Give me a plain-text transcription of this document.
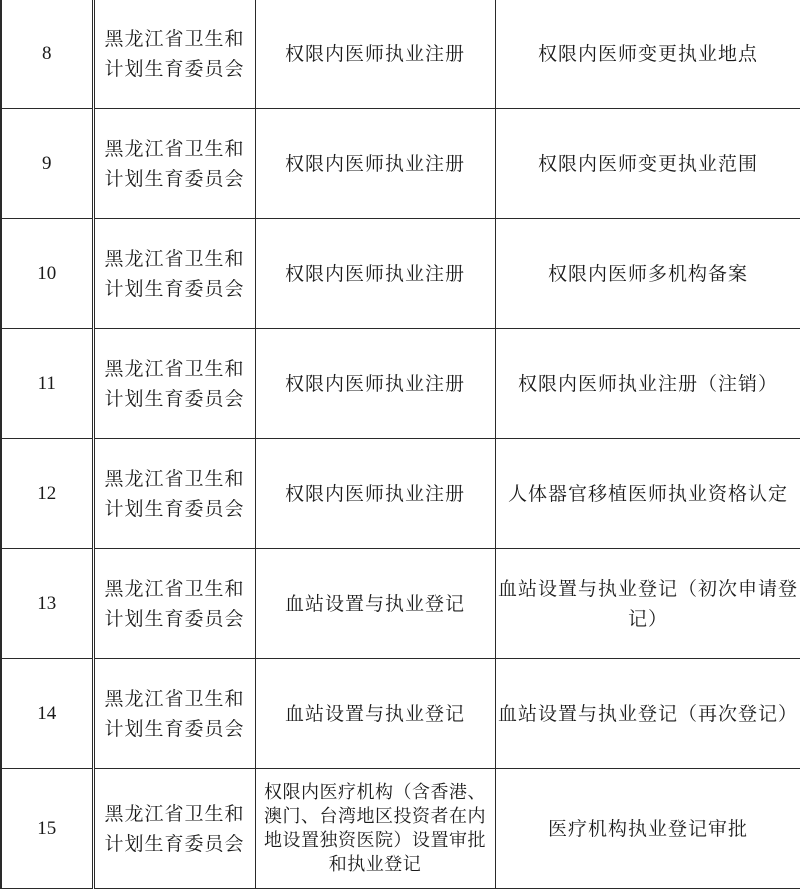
8	黑龙江省卫生和计划生育委员会	权限内医师执业注册	权限内医师变更执业地点
9	黑龙江省卫生和计划生育委员会	权限内医师执业注册	权限内医师变更执业范围
10	黑龙江省卫生和计划生育委员会	权限内医师执业注册	权限内医师多机构备案
11	黑龙江省卫生和计划生育委员会	权限内医师执业注册	权限内医师执业注册（注销）
12	黑龙江省卫生和计划生育委员会	权限内医师执业注册	人体器官移植医师执业资格认定
13	黑龙江省卫生和计划生育委员会	血站设置与执业登记	血站设置与执业登记（初次申请登记）
14	黑龙江省卫生和计划生育委员会	血站设置与执业登记	血站设置与执业登记（再次登记）
15	黑龙江省卫生和计划生育委员会	权限内医疗机构（含香港、澳门、台湾地区投资者在内地设置独资医院）设置审批和执业登记	医疗机构执业登记审批
